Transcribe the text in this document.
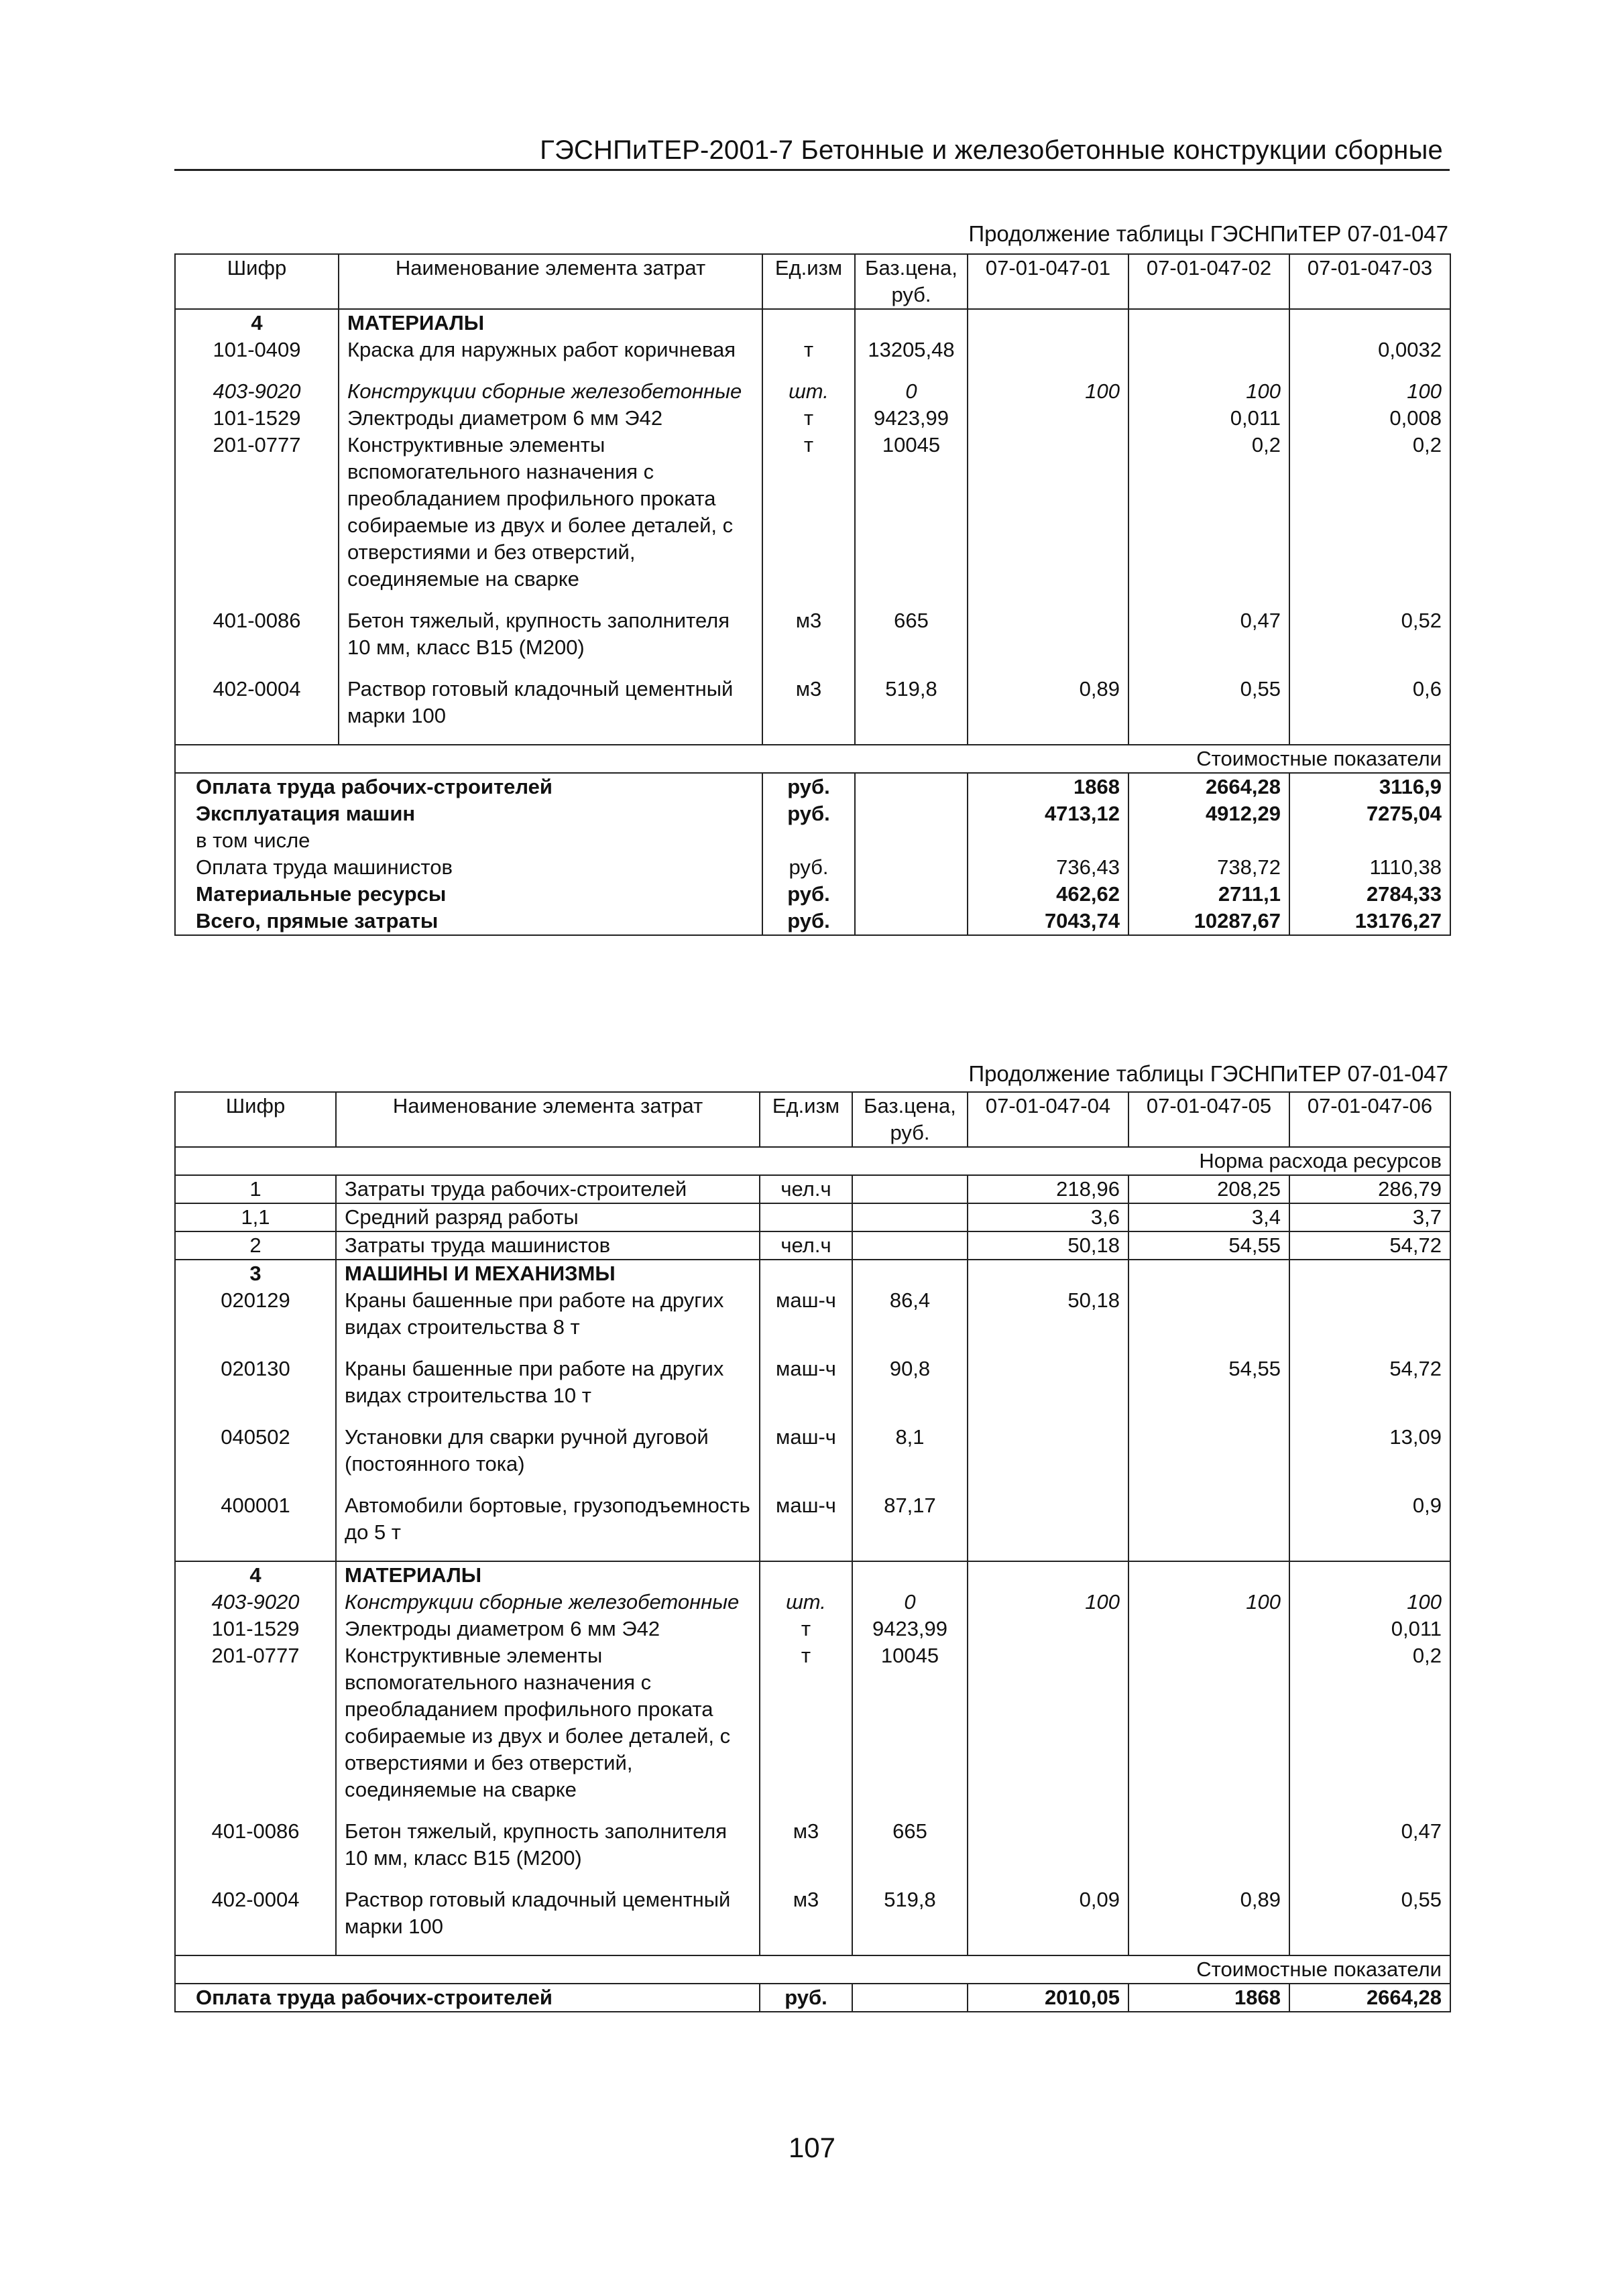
ГЭСНПиТЕР-2001-7 Бетонные и железобетонные конструкции сборные
Продолжение таблицы ГЭСНПиТЕР 07-01-047
Шифр	Наименование элемента затрат	Ед.изм	Баз.цена, руб.	07-01-047-01	07-01-047-02	07-01-047-03
4	МАТЕРИАЛЫ					
101-0409	Краска для наружных работ коричневая	т	13205,48			0,0032

403-9020	Конструкции сборные железобетонные	шт.	0	100	100	100
101-1529	Электроды диаметром 6 мм Э42	т	9423,99		0,011	0,008
201-0777	Конструктивные элементы вспомогательного назначения с преобладанием профильного проката собираемые из двух и более деталей, с отверстиями и без отверстий, соединяемые на сварке	т	10045		0,2	0,2

401-0086	Бетон тяжелый, крупность заполнителя 10 мм, класс В15 (М200)	м3	665		0,47	0,52

402-0004	Раствор готовый кладочный цементный марки 100	м3	519,8	0,89	0,55	0,6

Стоимостные показатели						
Оплата труда рабочих-строителей		руб.		1868	2664,28	3116,9
Эксплуатация машин		руб.		4713,12	4912,29	7275,04
в том числе						
Оплата труда машинистов		руб.		736,43	738,72	1110,38
Материальные ресурсы		руб.		462,62	2711,1	2784,33
Всего, прямые затраты		руб.		7043,74	10287,67	13176,27
Продолжение таблицы ГЭСНПиТЕР 07-01-047
Шифр	Наименование элемента затрат	Ед.изм	Баз.цена, руб.	07-01-047-04	07-01-047-05	07-01-047-06
Норма расхода ресурсов						
1	Затраты труда рабочих-строителей	чел.ч		218,96	208,25	286,79
1,1	Средний разряд работы			3,6	3,4	3,7
2	Затраты труда машинистов	чел.ч		50,18	54,55	54,72
3	МАШИНЫ И МЕХАНИЗМЫ					
020129	Краны башенные при работе на других видах строительства 8 т	маш-ч	86,4	50,18		

020130	Краны башенные при работе на других видах строительства 10 т	маш-ч	90,8		54,55	54,72

040502	Установки для сварки ручной дуговой (постоянного тока)	маш-ч	8,1			13,09

400001	Автомобили бортовые, грузоподъемность до 5 т	маш-ч	87,17			0,9

4	МАТЕРИАЛЫ					
403-9020	Конструкции сборные железобетонные	шт.	0	100	100	100
101-1529	Электроды диаметром 6 мм Э42	т	9423,99			0,011
201-0777	Конструктивные элементы вспомогательного назначения с преобладанием профильного проката собираемые из двух и более деталей, с отверстиями и без отверстий, соединяемые на сварке	т	10045			0,2

401-0086	Бетон тяжелый, крупность заполнителя 10 мм, класс В15 (М200)	м3	665			0,47

402-0004	Раствор готовый кладочный цементный марки 100	м3	519,8	0,09	0,89	0,55

Стоимостные показатели						
Оплата труда рабочих-строителей		руб.		2010,05	1868	2664,28
107
